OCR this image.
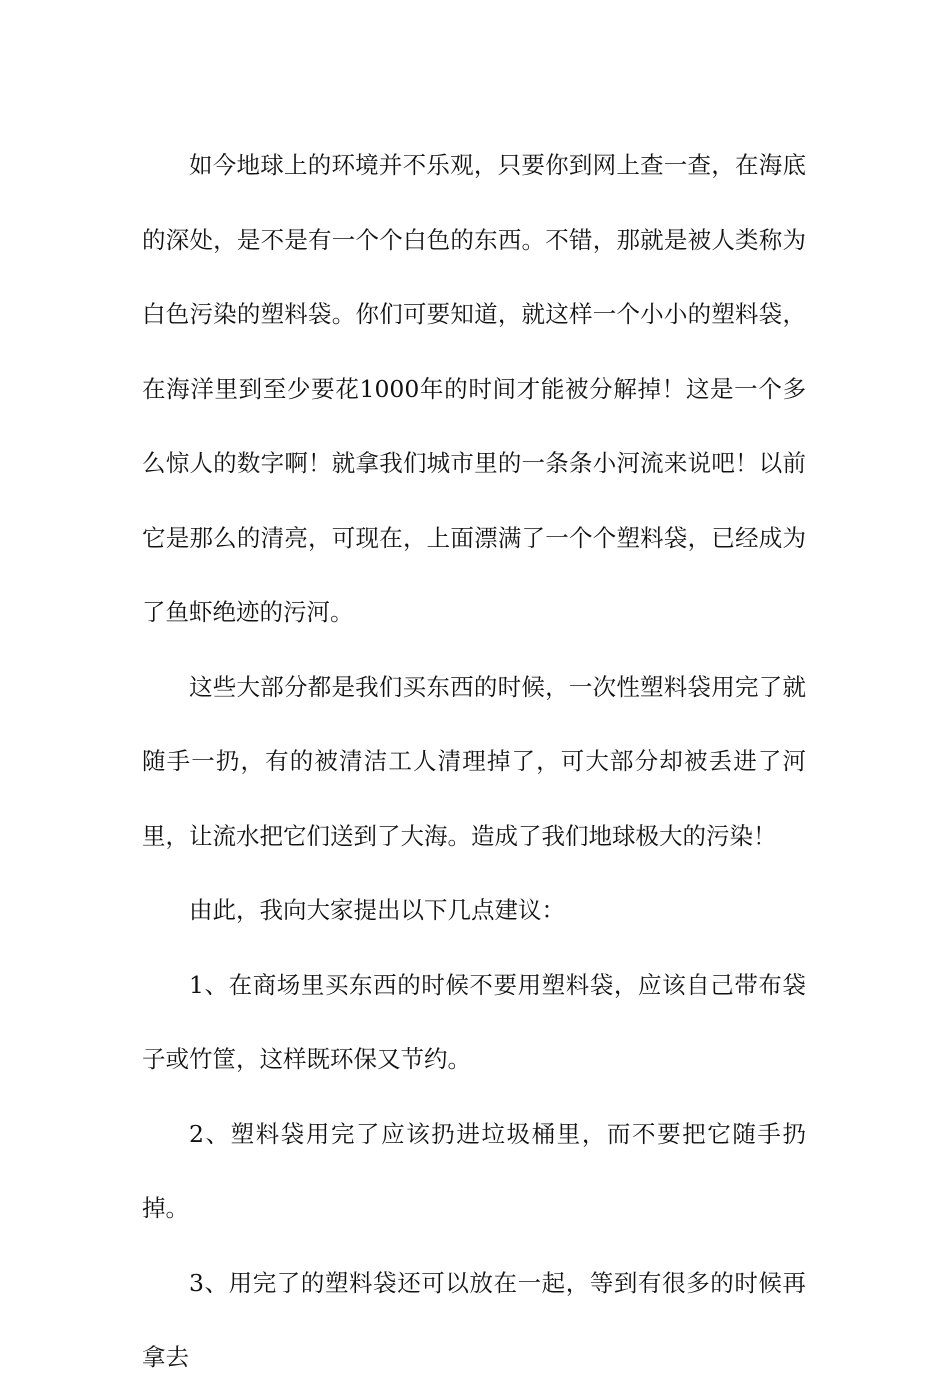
如今地球上的环境并不乐观，只要你到网上查一查，在海底的深处，是不是有一个个白色的东西。不错，那就是被人类称为白色污染的塑料袋。你们可要知道，就这样一个小小的塑料袋，在海洋里到至少要花1000年的时间才能被分解掉！这是一个多么惊人的数字啊！就拿我们城市里的一条条小河流来说吧！以前它是那么的清亮，可现在，上面漂满了一个个塑料袋，已经成为了鱼虾绝迹的污河。

这些大部分都是我们买东西的时候，一次性塑料袋用完了就随手一扔，有的被清洁工人清理掉了，可大部分却被丢进了河里，让流水把它们送到了大海。造成了我们地球极大的污染！

由此，我向大家提出以下几点建议：

1、在商场里买东西的时候不要用塑料袋，应该自己带布袋子或竹筐，这样既环保又节约。

2、塑料袋用完了应该扔进垃圾桶里，而不要把它随手扔掉。

3、用完了的塑料袋还可以放在一起，等到有很多的时候再拿去
